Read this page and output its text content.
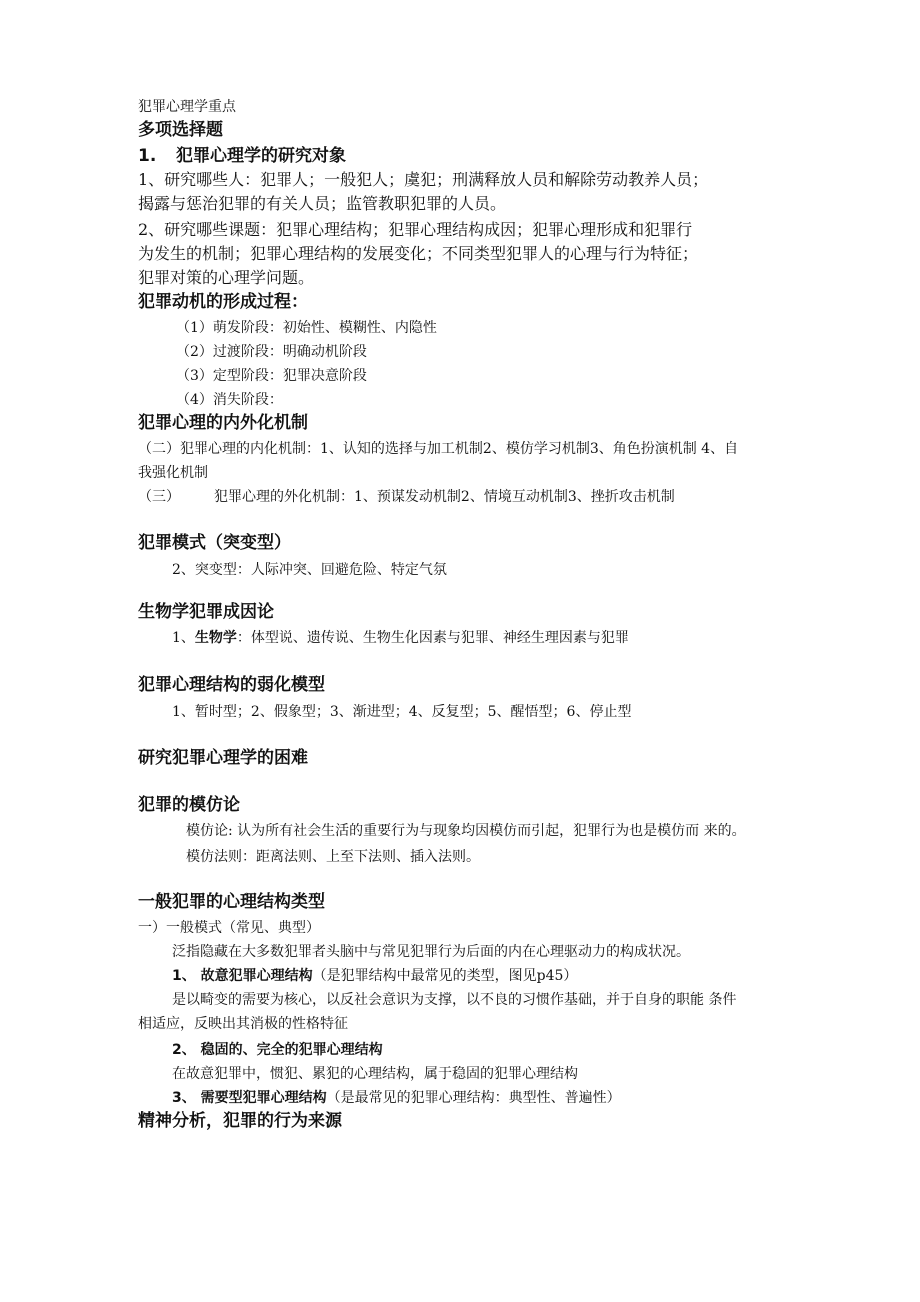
犯罪心理学重点
多项选择题
1. 犯罪心理学的研究对象
1、研究哪些人：犯罪人；一般犯人；虞犯；刑满释放人员和解除劳动教养人员；
揭露与惩治犯罪的有关人员；监管教职犯罪的人员。
2、研究哪些课题：犯罪心理结构；犯罪心理结构成因；犯罪心理形成和犯罪行
为发生的机制；犯罪心理结构的发展变化；不同类型犯罪人的心理与行为特征；
犯罪对策的心理学问题。
犯罪动机的形成过程：
（1）萌发阶段：初始性、模糊性、内隐性
（2）过渡阶段：明确动机阶段
（3）定型阶段：犯罪决意阶段
（4）消失阶段：
犯罪心理的内外化机制
（二）犯罪心理的内化机制：1、认知的选择与加工机制2、模仿学习机制3、角色扮演机制 4、自
我强化机制
（三） 犯罪心理的外化机制：1、预谋发动机制2、情境互动机制3、挫折攻击机制
犯罪模式（突变型）
2、突变型：人际冲突、回避危险、特定气氛
生物学犯罪成因论
1、生物学：体型说、遗传说、生物生化因素与犯罪、神经生理因素与犯罪
犯罪心理结构的弱化模型
1、暂时型；2、假象型；3、渐进型；4、反复型；5、醒悟型；6、停止型
研究犯罪心理学的困难
犯罪的模仿论
模仿论: 认为所有社会生活的重要行为与现象均因模仿而引起，犯罪行为也是模仿而 来的。
模仿法则：距离法则、上至下法则、插入法则。
一般犯罪的心理结构类型
一）一般模式（常见、典型）
泛指隐藏在大多数犯罪者头脑中与常见犯罪行为后面的内在心理驱动力的构成状况。
1、 故意犯罪心理结构（是犯罪结构中最常见的类型，图见p45）
是以畸变的需要为核心，以反社会意识为支撑，以不良的习惯作基础，并于自身的职能 条件
相适应，反映出其消极的性格特征
2、 稳固的、完全的犯罪心理结构
在故意犯罪中，惯犯、累犯的心理结构，属于稳固的犯罪心理结构
3、 需要型犯罪心理结构（是最常见的犯罪心理结构：典型性、普遍性）
精神分析，犯罪的行为来源
